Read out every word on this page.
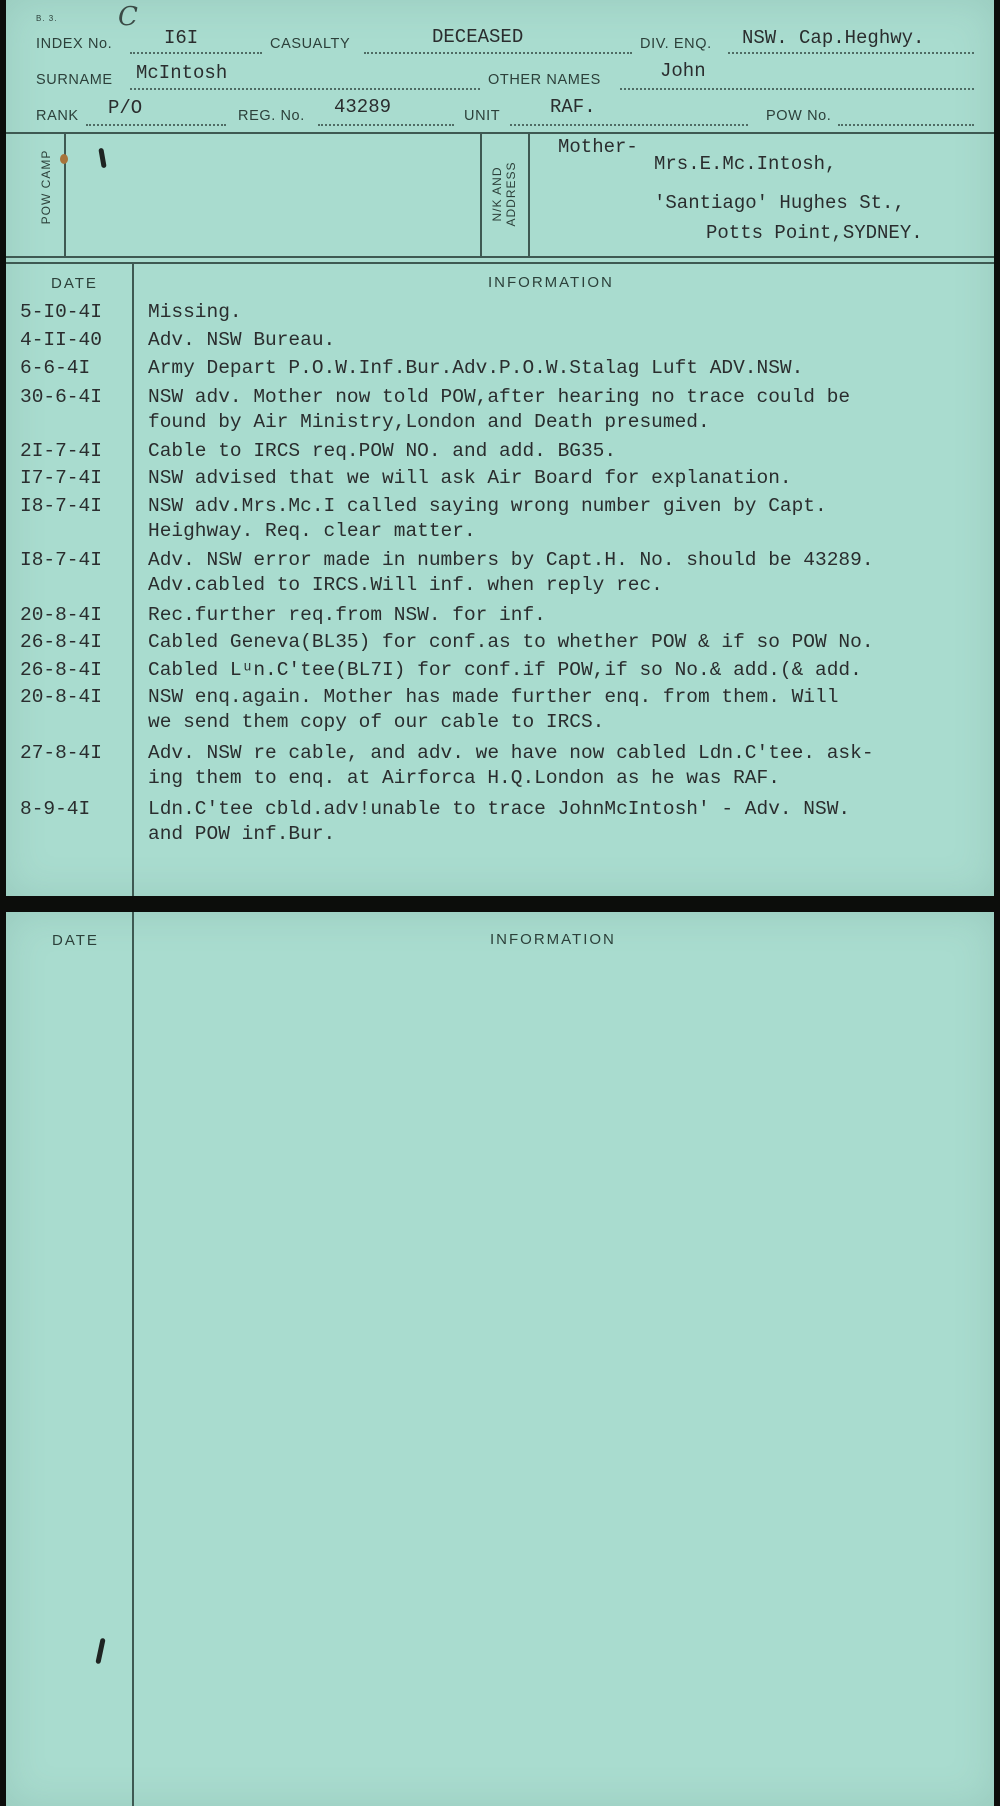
B. 3. C
INDEX No.	I6I	CASUALTY	DECEASED	DIV. ENQ. NSW. Cap.Heghwy.
SURNAME McIntosh	OTHER NAMES	John
RANK P/O	REG. No. 43289	UNIT	RAF.	POW No.
POW CAMP	N/K AND ADDRESS
Mother-
Mrs.E.Mc.Intosh,
'Santiago' Hughes St.,
Potts Point,SYDNEY.
DATE	INFORMATION
5-I0-4I Missing.
4-II-40 Adv. NSW Bureau.
6-6-4I	Army Depart P.O.W.Inf.Bur.Adv.P.O.W.Stalag Luft ADV.NSW.
30-6-4I NSW adv. Mother now told POW,after hearing no trace could be
found by Air Ministry,London and Death presumed.
2I-7-4I Cable to IRCS req.POW NO. and add. BG35.
I7-7-4I NSW advised that we will ask Air Board for explanation.
I8-7-4I NSW adv.Mrs.Mc.I called saying wrong number given by Capt.
Heighway. Req. clear matter.
I8-7-4I Adv. NSW error made in numbers by Capt.H. No. should be 43289.
Adv.cabled to IRCS.Will inf. when reply rec.
20-8-4I Rec.further req.from NSW. for inf.
26-8-4I Cabled Geneva(BL35) for conf.as to whether POW & if so POW No.
26-8-4I Cabled Lᵘn.C'tee(BL7I) for conf.if POW,if so No.& add.(& add.
20-8-4I NSW enq.again. Mother has made further enq. from them. Will
we send them copy of our cable to IRCS.
27-8-4I Adv. NSW re cable, and adv. we have now cabled Ldn.C'tee. ask-
ing them to enq. at Airforca H.Q.London as he was RAF.
8-9-4I	Ldn.C'tee cbld.adv!unable to trace JohnMcIntosh' - Adv. NSW.
and POW inf.Bur.
DATE	INFORMATION
